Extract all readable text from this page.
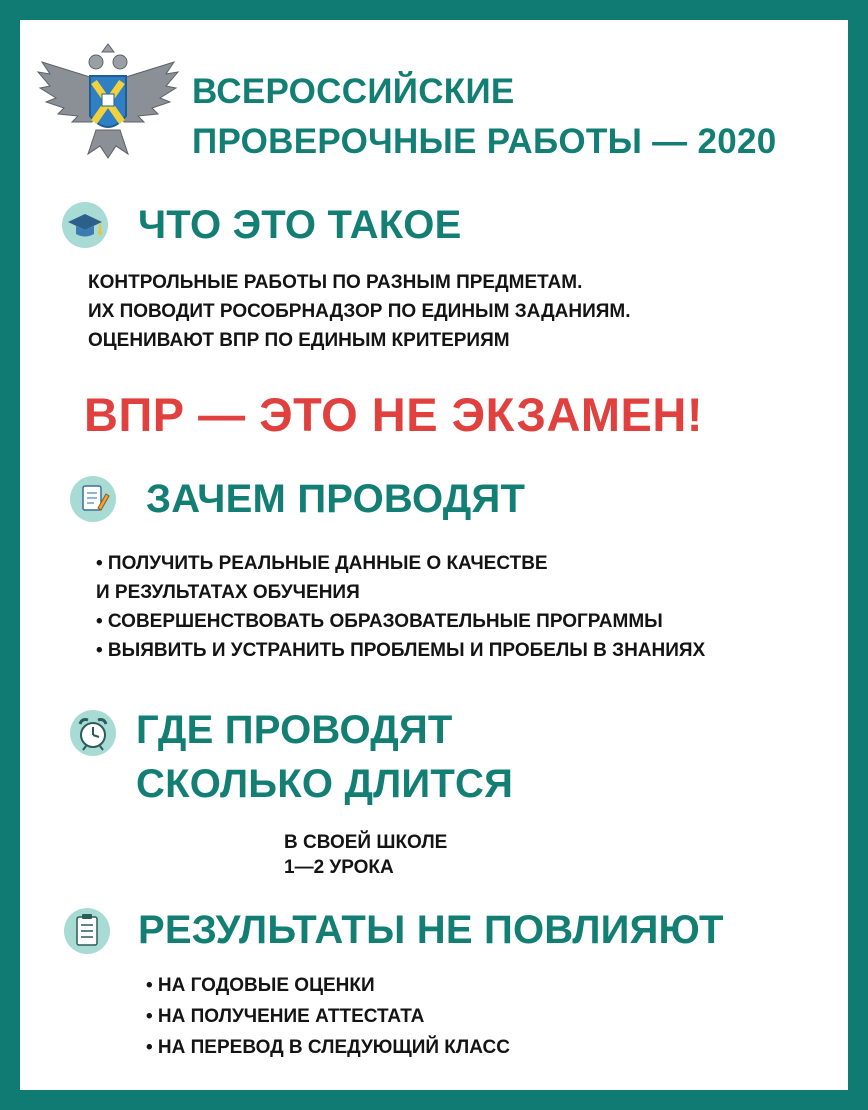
ВСЕРОССИЙСКИЕ
ПРОВЕРОЧНЫЕ РАБОТЫ — 2020
ЧТО ЭТО ТАКОЕ
КОНТРОЛЬНЫЕ РАБОТЫ ПО РАЗНЫМ ПРЕДМЕТАМ.
ИХ ПОВОДИТ РОСОБРНАДЗОР ПО ЕДИНЫМ ЗАДАНИЯМ.
ОЦЕНИВАЮТ ВПР ПО ЕДИНЫМ КРИТЕРИЯМ
ВПР — ЭТО НЕ ЭКЗАМЕН!
ЗАЧЕМ ПРОВОДЯТ
• ПОЛУЧИТЬ РЕАЛЬНЫЕ ДАННЫЕ О КАЧЕСТВЕ
И РЕЗУЛЬТАТАХ ОБУЧЕНИЯ
• СОВЕРШЕНСТВОВАТЬ ОБРАЗОВАТЕЛЬНЫЕ ПРОГРАММЫ
• ВЫЯВИТЬ И УСТРАНИТЬ ПРОБЛЕМЫ И ПРОБЕЛЫ В ЗНАНИЯХ
ГДЕ ПРОВОДЯТ
СКОЛЬКО ДЛИТСЯ
В СВОЕЙ ШКОЛЕ
1—2 УРОКА
РЕЗУЛЬТАТЫ НЕ ПОВЛИЯЮТ
• НА ГОДОВЫЕ ОЦЕНКИ
• НА ПОЛУЧЕНИЕ АТТЕСТАТА
• НА ПЕРЕВОД В СЛЕДУЮЩИЙ КЛАСС
